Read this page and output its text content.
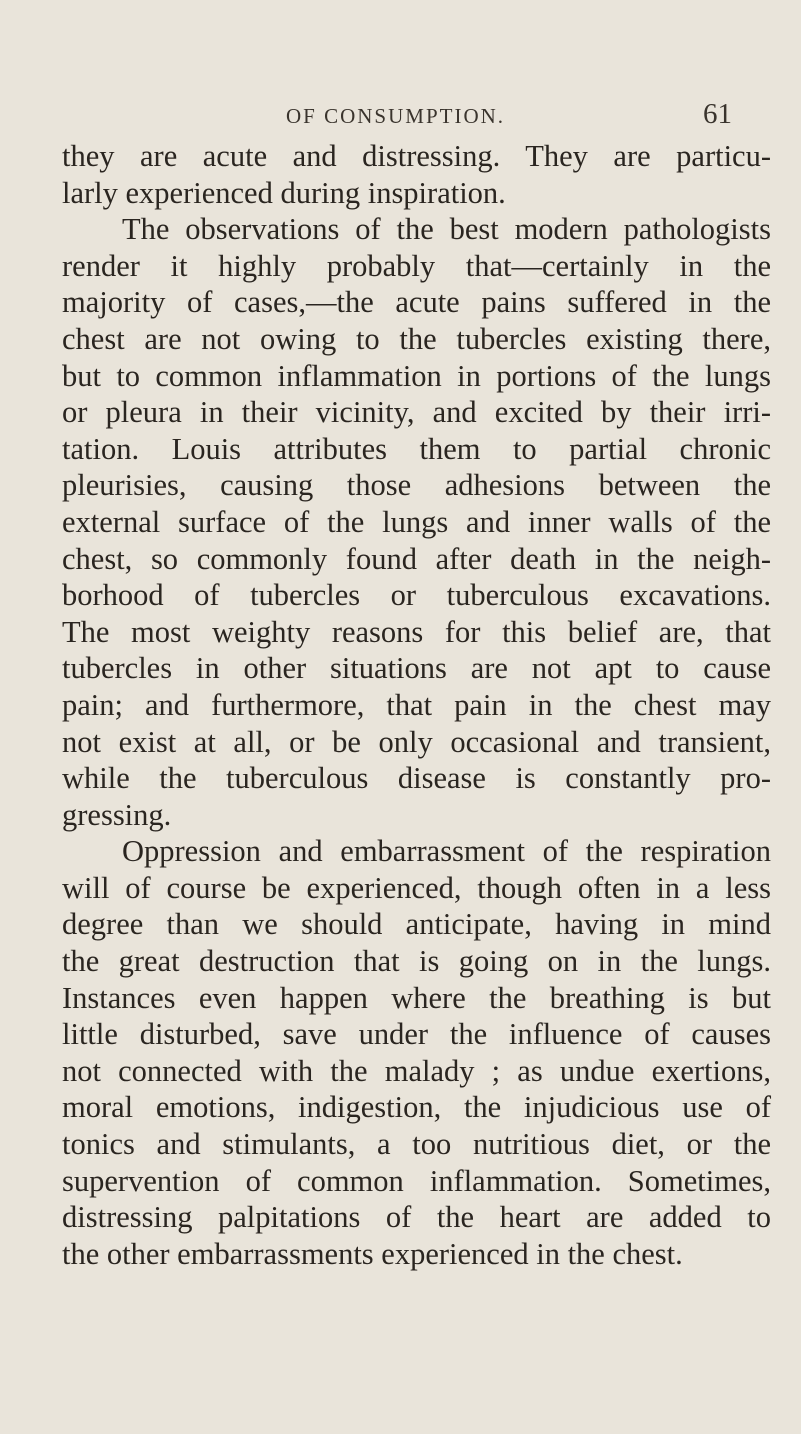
OF CONSUMPTION.	61
they are acute and distressing. They are particu-
larly experienced during inspiration.
The observations of the best modern pathologists
render it highly probably that—certainly in the
majority of cases,—the acute pains suffered in the
chest are not owing to the tubercles existing there,
but to common inflammation in portions of the lungs
or pleura in their vicinity, and excited by their irri-
tation. Louis attributes them to partial chronic
pleurisies, causing those adhesions between the
external surface of the lungs and inner walls of the
chest, so commonly found after death in the neigh-
borhood of tubercles or tuberculous excavations.
The most weighty reasons for this belief are, that
tubercles in other situations are not apt to cause
pain; and furthermore, that pain in the chest may
not exist at all, or be only occasional and transient,
while the tuberculous disease is constantly pro-
gressing.
Oppression and embarrassment of the respiration
will of course be experienced, though often in a less
degree than we should anticipate, having in mind
the great destruction that is going on in the lungs.
Instances even happen where the breathing is but
little disturbed, save under the influence of causes
not connected with the malady ; as undue exertions,
moral emotions, indigestion, the injudicious use of
tonics and stimulants, a too nutritious diet, or the
supervention of common inflammation. Sometimes,
distressing palpitations of the heart are added to
the other embarrassments experienced in the chest.
